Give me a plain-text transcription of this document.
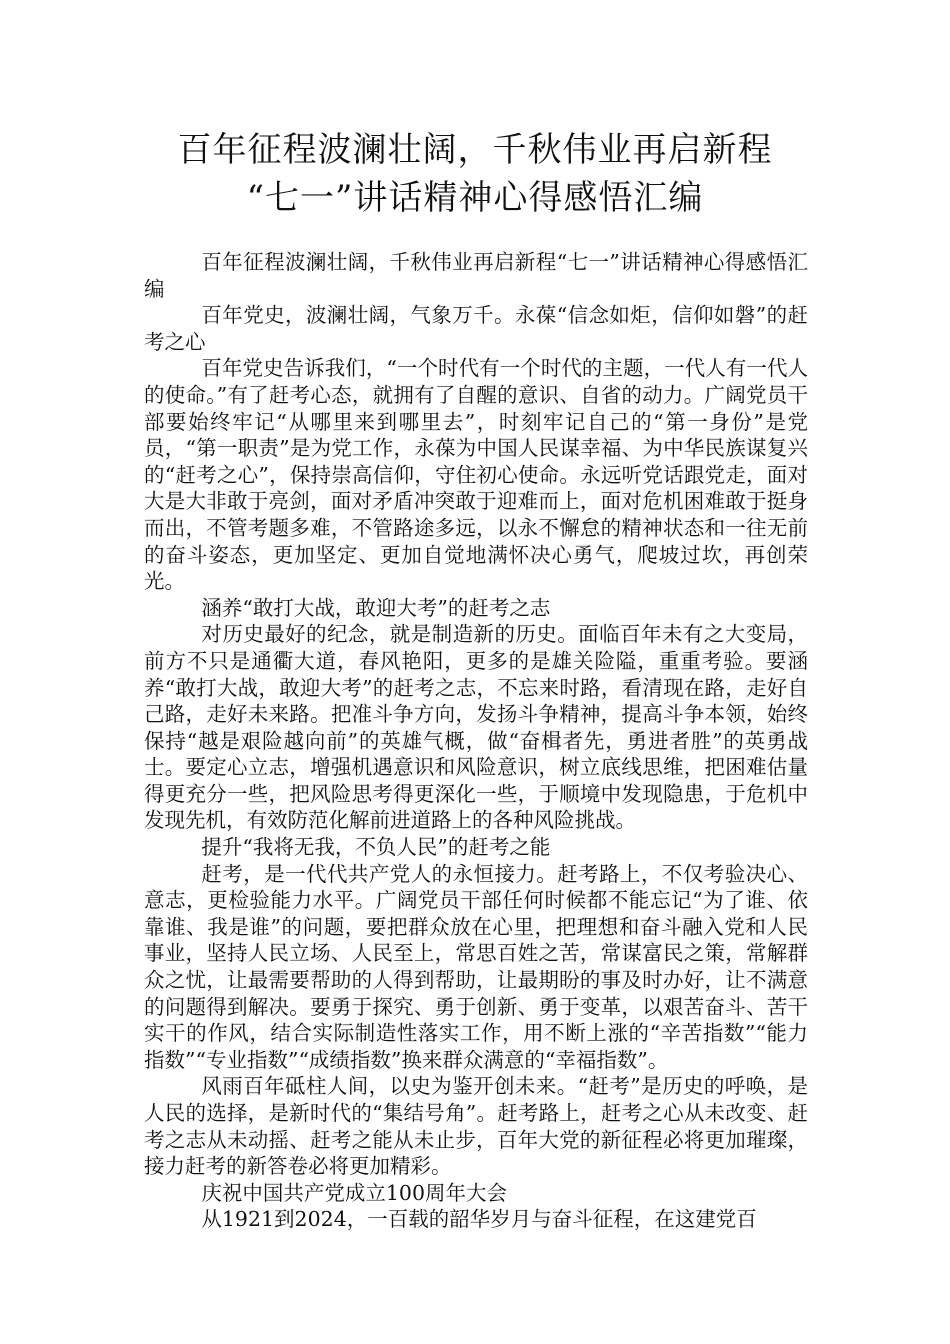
百年征程波澜壮阔，千秋伟业再启新程
“七一”讲话精神心得感悟汇编

百年征程波澜壮阔，千秋伟业再启新程“七一”讲话精神心得感悟汇编

百年党史，波澜壮阔，气象万千。永葆“信念如炬，信仰如磐”的赶考之心

百年党史告诉我们，“一个时代有一个时代的主题，一代人有一代人的使命。”有了赶考心态，就拥有了自醒的意识、自省的动力。广阔党员干部要始终牢记“从哪里来到哪里去”，时刻牢记自己的“第一身份”是党员，“第一职责”是为党工作，永葆为中国人民谋幸福、为中华民族谋复兴的“赶考之心”，保持崇高信仰，守住初心使命。永远听党话跟党走，面对大是大非敢于亮剑，面对矛盾冲突敢于迎难而上，面对危机困难敢于挺身而出，不管考题多难，不管路途多远，以永不懈怠的精神状态和一往无前的奋斗姿态，更加坚定、更加自觉地满怀决心勇气，爬坡过坎，再创荣光。

涵养“敢打大战，敢迎大考”的赶考之志

对历史最好的纪念，就是制造新的历史。面临百年未有之大变局，前方不只是通衢大道，春风艳阳，更多的是雄关险隘，重重考验。要涵养“敢打大战，敢迎大考”的赶考之志，不忘来时路，看清现在路，走好自己路，走好未来路。把准斗争方向，发扬斗争精神，提高斗争本领，始终保持“越是艰险越向前”的英雄气概，做“奋楫者先，勇进者胜”的英勇战士。要定心立志，增强机遇意识和风险意识，树立底线思维，把困难估量得更充分一些，把风险思考得更深化一些，于顺境中发现隐患，于危机中发现先机，有效防范化解前进道路上的各种风险挑战。

提升“我将无我，不负人民”的赶考之能

赶考，是一代代共产党人的永恒接力。赶考路上，不仅考验决心、意志，更检验能力水平。广阔党员干部任何时候都不能忘记“为了谁、依靠谁、我是谁”的问题，要把群众放在心里，把理想和奋斗融入党和人民事业，坚持人民立场、人民至上，常思百姓之苦，常谋富民之策，常解群众之忧，让最需要帮助的人得到帮助，让最期盼的事及时办好，让不满意的问题得到解决。要勇于探究、勇于创新、勇于变革，以艰苦奋斗、苦干实干的作风，结合实际制造性落实工作，用不断上涨的“辛苦指数”“能力指数”“专业指数”“成绩指数”换来群众满意的“幸福指数”。

风雨百年砥柱人间，以史为鉴开创未来。“赶考”是历史的呼唤，是人民的选择，是新时代的“集结号角”。赶考路上，赶考之心从未改变、赶考之志从未动摇、赶考之能从未止步，百年大党的新征程必将更加璀璨，接力赶考的新答卷必将更加精彩。

庆祝中国共产党成立100周年大会

从1921到2024，一百载的韶华岁月与奋斗征程，在这建党百
